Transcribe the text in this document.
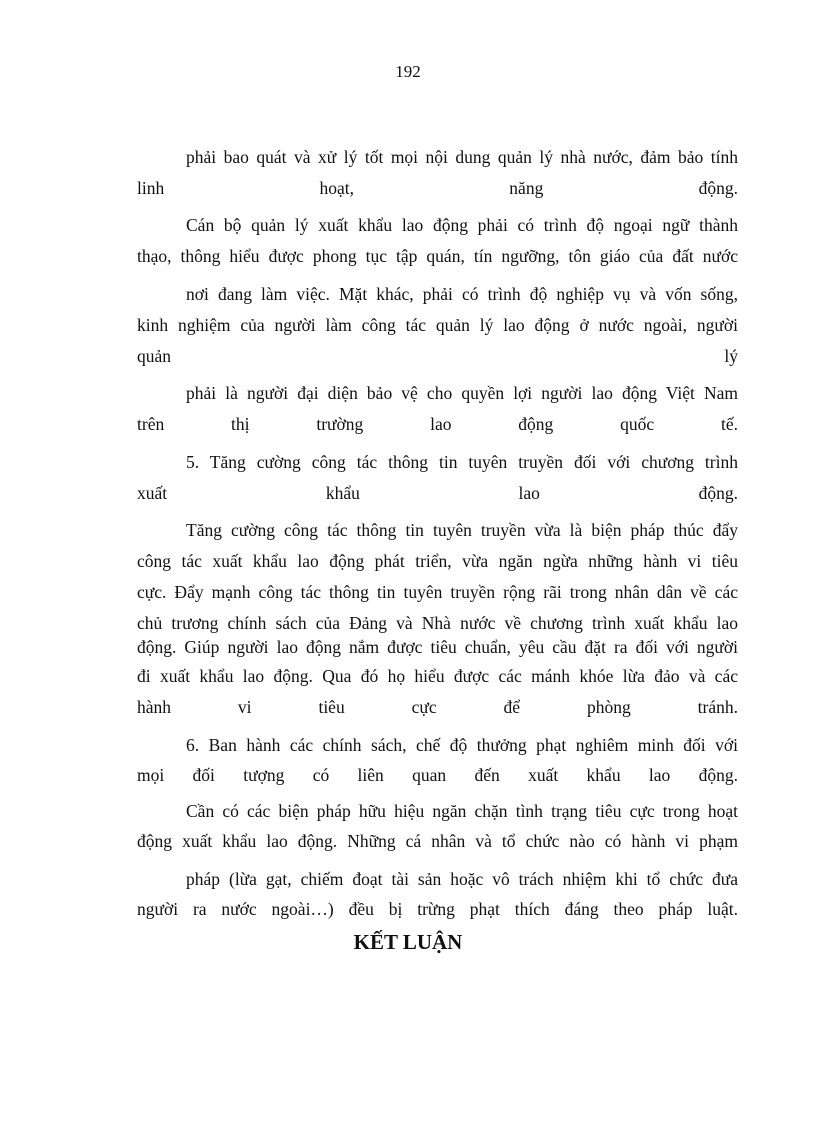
192
phải bao quát và xử lý tốt mọi nội dung quản lý nhà nước, đảm bảo tính
linh hoạt, năng động.
Cán bộ quản lý xuất khẩu lao động phải có trình độ ngoại ngữ thành
thạo, thông hiểu được phong tục tập quán, tín ngưỡng, tôn giáo của đất nước
nơi đang làm việc. Mặt khác, phải có trình độ nghiệp vụ và vốn sống,
kinh nghiệm của người làm công tác quản lý lao động ở nước ngoài, người
quản lý
phải là người đại diện bảo vệ cho quyền lợi người lao động Việt Nam
trên thị trường lao động quốc tế.
5. Tăng cường công tác thông tin tuyên truyền đối với chương trình
xuất khẩu lao động.
Tăng cường công tác thông tin tuyên truyền vừa là biện pháp thúc đẩy
công tác xuất khẩu lao động phát triển, vừa ngăn ngừa những hành vi tiêu
cực. Đẩy mạnh công tác thông tin tuyên truyền rộng rãi trong nhân dân về các
chủ trương chính sách của Đảng và Nhà nước về chương trình xuất khẩu lao
động. Giúp người lao động nắm được tiêu chuẩn, yêu cầu đặt ra đối với người
đi xuất khẩu lao động. Qua đó họ hiểu được các mánh khóe lừa đảo và các
hành vi tiêu cực để phòng tránh.
6. Ban hành các chính sách, chế độ thưởng phạt nghiêm minh đối với
mọi đối tượng có liên quan đến xuất khẩu lao động.
Cần có các biện pháp hữu hiệu ngăn chặn tình trạng tiêu cực trong hoạt
động xuất khẩu lao động. Những cá nhân và tổ chức nào có hành vi phạm
pháp (lừa gạt, chiếm đoạt tài sản hoặc vô trách nhiệm khi tổ chức đưa
người ra nước ngoài…) đều bị trừng phạt thích đáng theo pháp luật.
KẾT LUẬN
